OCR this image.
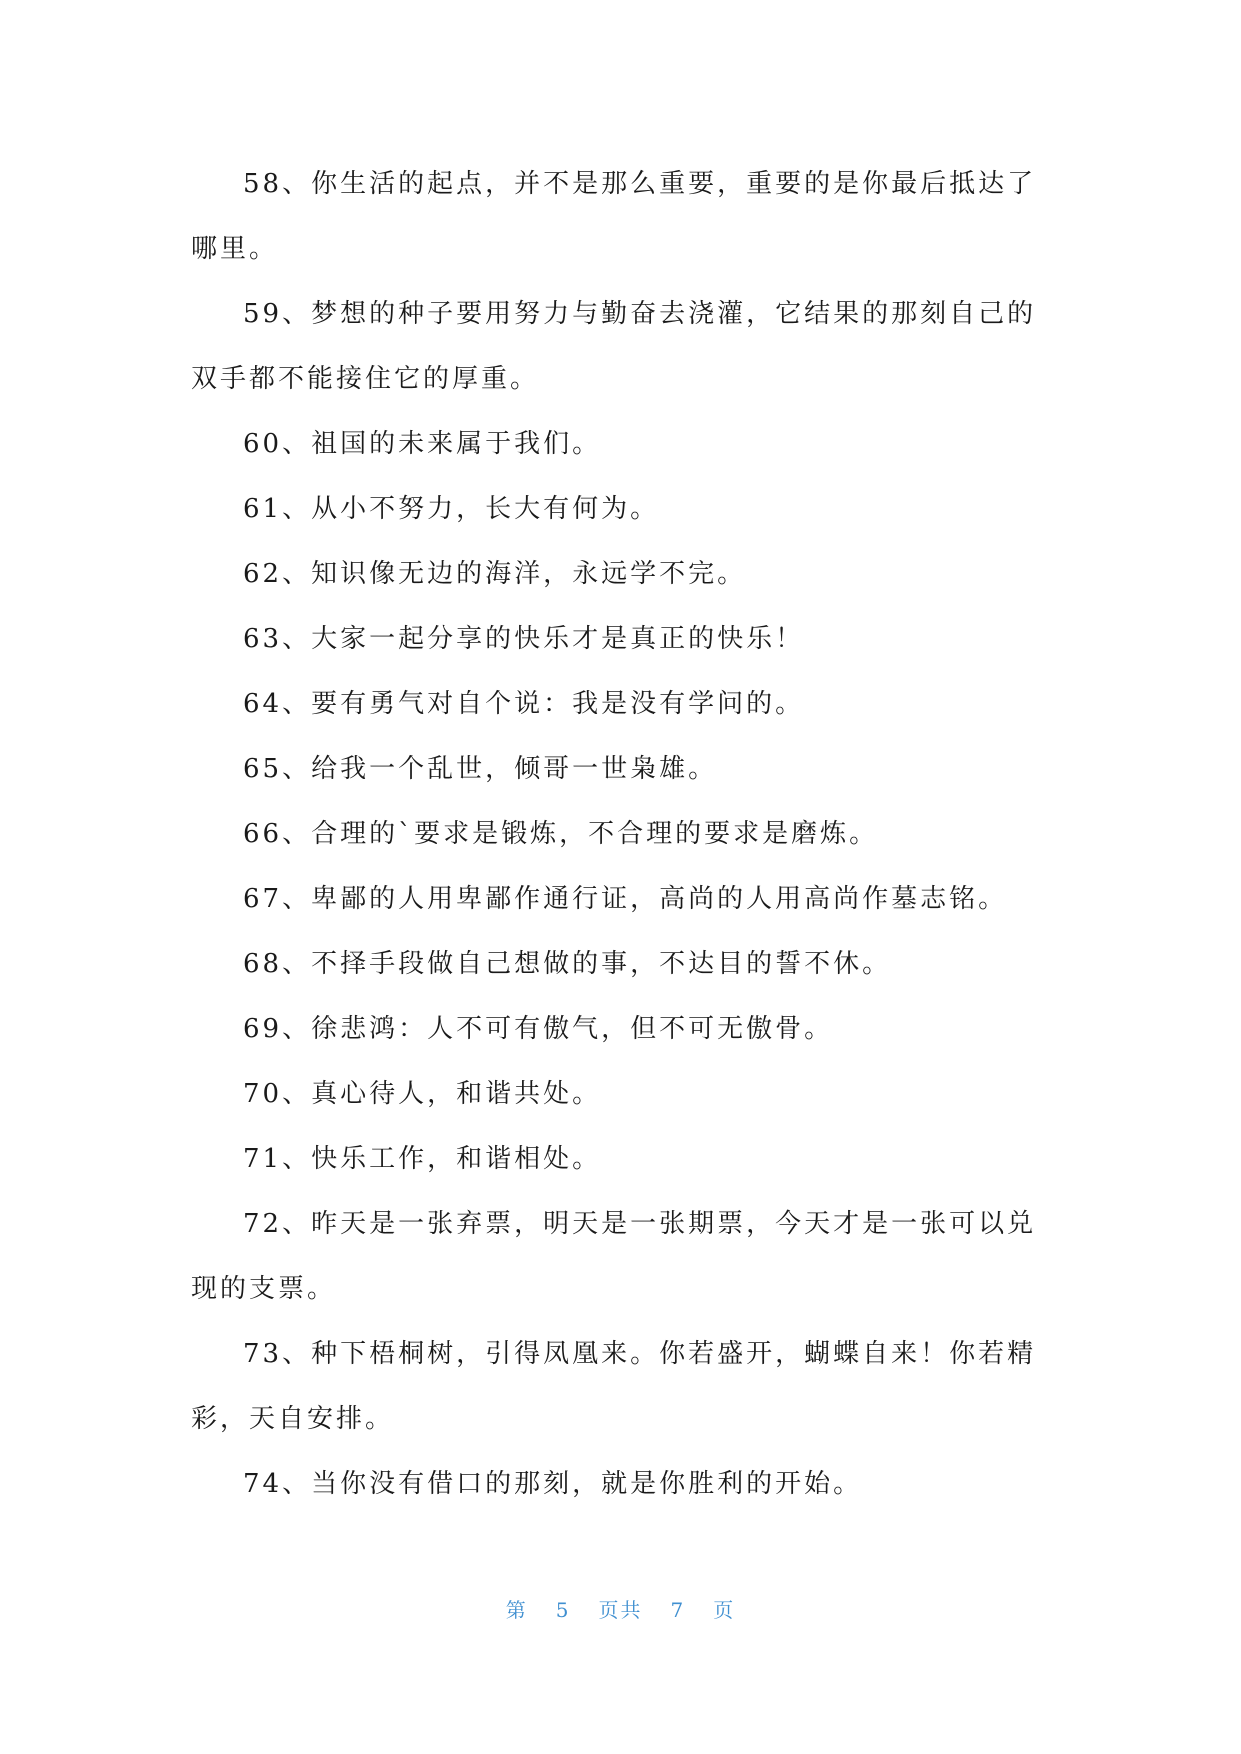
58、你生活的起点，并不是那么重要，重要的是你最后抵达了哪里。

59、梦想的种子要用努力与勤奋去浇灌，它结果的那刻自己的双手都不能接住它的厚重。

60、祖国的未来属于我们。

61、从小不努力，长大有何为。

62、知识像无边的海洋，永远学不完。

63、大家一起分享的快乐才是真正的快乐！

64、要有勇气对自个说：我是没有学问的。

65、给我一个乱世，倾哥一世枭雄。

66、合理的`要求是锻炼，不合理的要求是磨炼。

67、卑鄙的人用卑鄙作通行证，高尚的人用高尚作墓志铭。

68、不择手段做自己想做的事，不达目的誓不休。

69、徐悲鸿：人不可有傲气，但不可无傲骨。

70、真心待人，和谐共处。

71、快乐工作，和谐相处。

72、昨天是一张弃票，明天是一张期票，今天才是一张可以兑现的支票。

73、种下梧桐树，引得凤凰来。你若盛开，蝴蝶自来！你若精彩，天自安排。

74、当你没有借口的那刻，就是你胜利的开始。

第 5 页共 7 页
